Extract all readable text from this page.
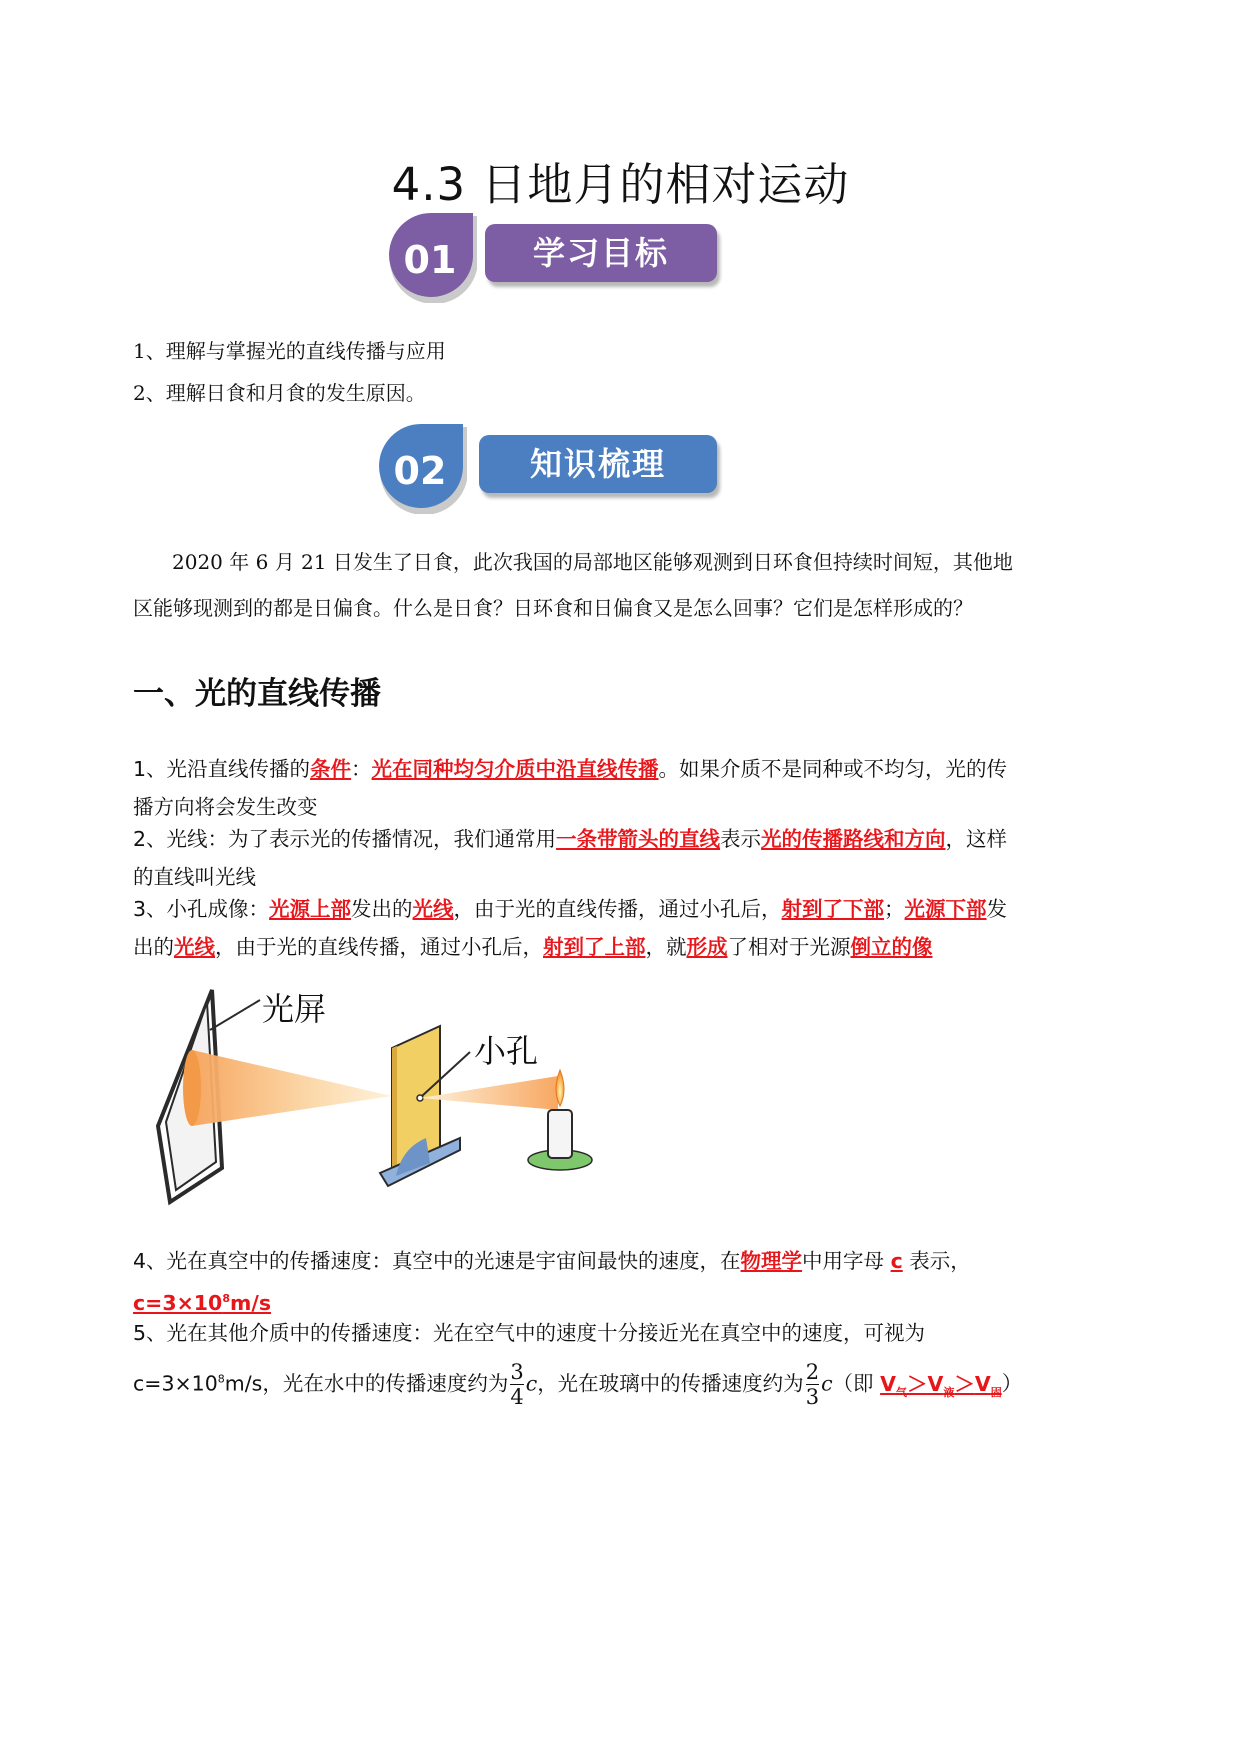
4.3 日地月的相对运动
01	学习目标
1、理解与掌握光的直线传播与应用
2、理解日食和月食的发生原因。
02	知识梳理
2020 年 6 月 21 日发生了日食，此次我国的局部地区能够观测到日环食但持续时间短，其他地
区能够现测到的都是日偏食。什么是日食？日环食和日偏食又是怎么回事？它们是怎样形成的？
一、光的直线传播
1、光沿直线传播的条件：光在同种均匀介质中沿直线传播。如果介质不是同种或不均匀，光的传
播方向将会发生改变
2、光线：为了表示光的传播情况，我们通常用一条带箭头的直线表示光的传播路线和方向，这样
的直线叫光线
3、小孔成像：光源上部发出的光线，由于光的直线传播，通过小孔后，射到了下部；光源下部发
出的光线，由于光的直线传播，通过小孔后，射到了上部，就形成了相对于光源倒立的像
光屏
小孔
4、光在真空中的传播速度：真空中的光速是宇宙间最快的速度，在物理学中用字母 c 表示，
$c=3\times 10^8m/s$
5、光在其他介质中的传播速度：光在空气中的速度十分接近光在真空中的速度，可视为
$c=3\times 10^8m/s$，光在水中的传播速度约为 $\frac{3}{4}$ c，光在玻璃中的传播速度约为 $\frac{2}{3} c$（即 $V_气>V_液>V_固$）
